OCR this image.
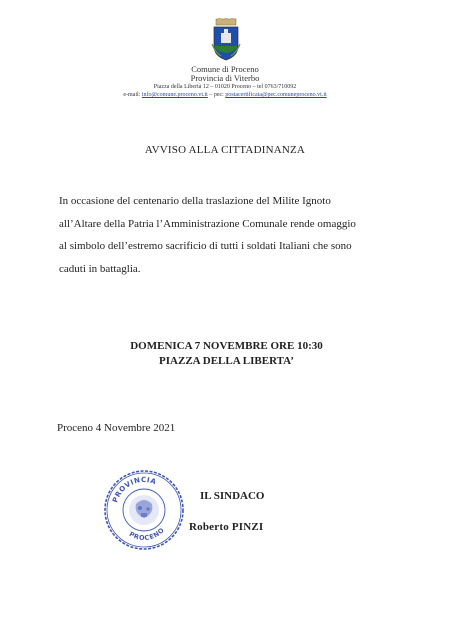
Comune di Proceno
Provincia di Viterbo
Piazza della Libertà 12 – 01020 Proceno – tel 0763/710092
e-mail: info@comune.proceno.vt.it – pec: postacertificata@pec.comuneproceno.vt.it
AVVISO ALLA CITTADINANZA
In occasione del centenario della traslazione del Milite Ignoto
all’Altare della Patria l’Amministrazione Comunale rende omaggio
al simbolo dell’estremo sacrificio di tutti i soldati Italiani che sono
caduti in battaglia.
DOMENICA 7 NOVEMBRE ORE 10:30
PIAZZA DELLA LIBERTA’
Proceno 4 Novembre 2021
PROVINCIA
PROCENO
IL SINDACO
Roberto PINZI
